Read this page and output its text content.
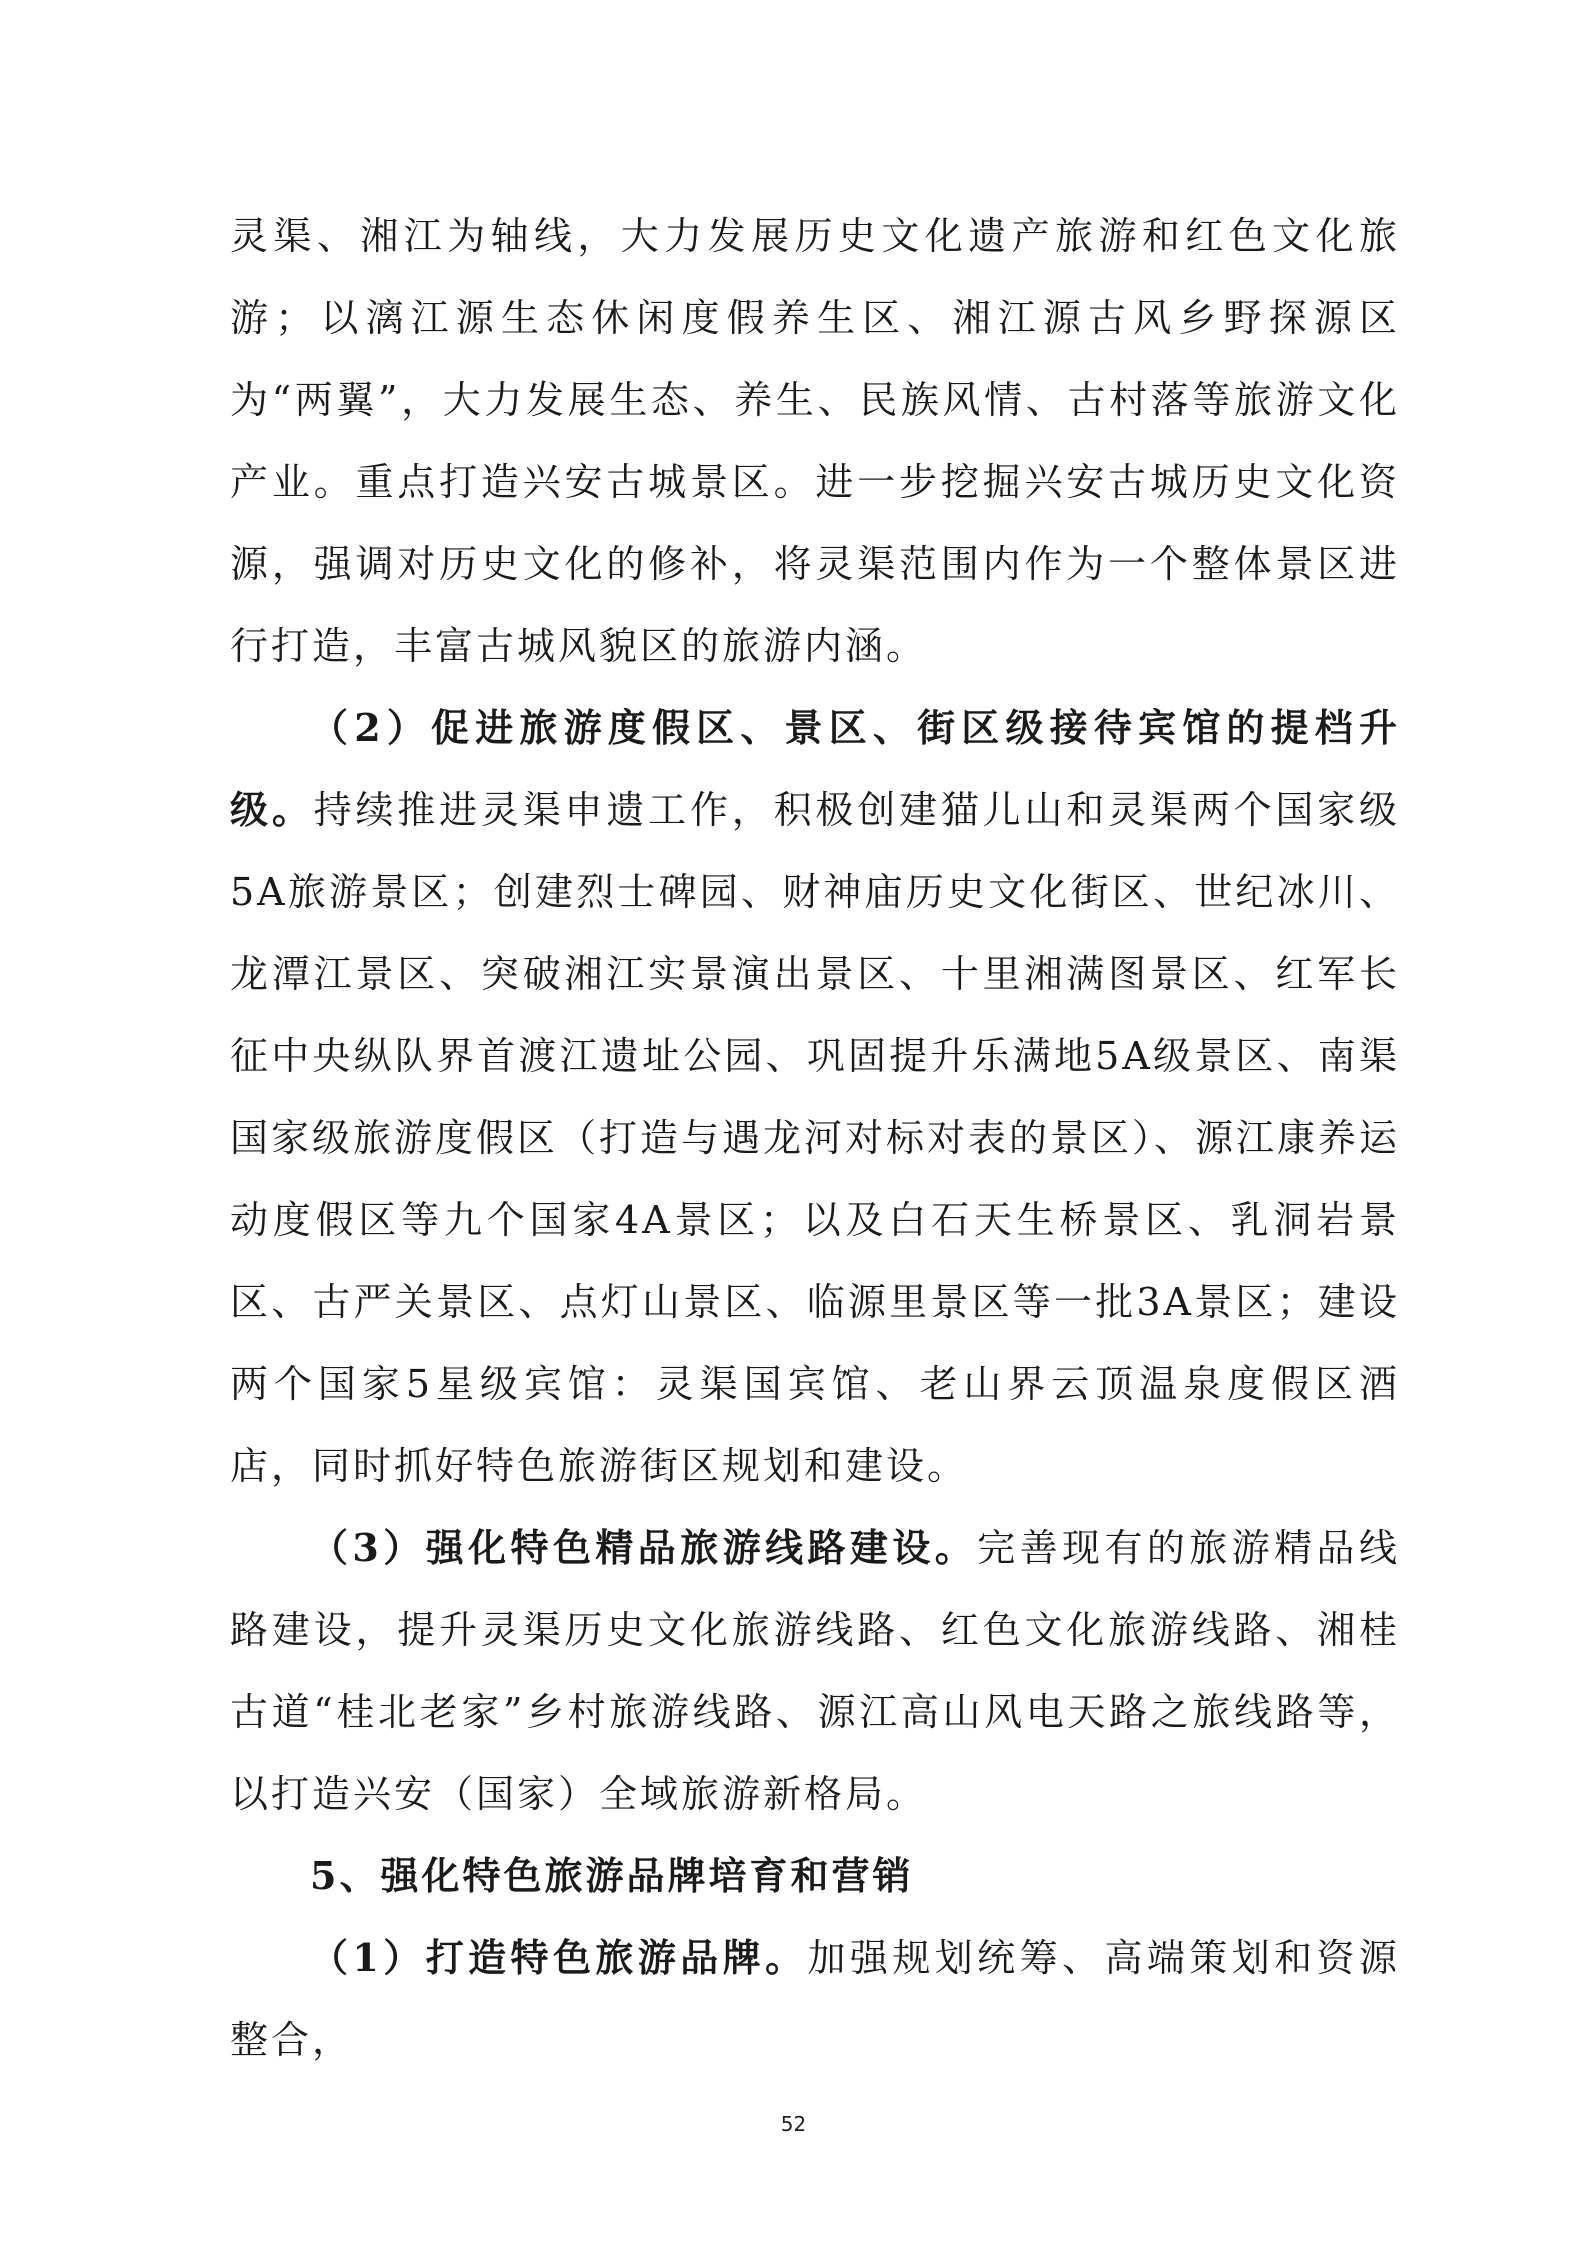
灵渠、湘江为轴线，大力发展历史文化遗产旅游和红色文化旅游；以漓江源生态休闲度假养生区、湘江源古风乡野探源区为“两翼”，大力发展生态、养生、民族风情、古村落等旅游文化产业。重点打造兴安古城景区。进一步挖掘兴安古城历史文化资源，强调对历史文化的修补，将灵渠范围内作为一个整体景区进行打造，丰富古城风貌区的旅游内涵。

（2）促进旅游度假区、景区、街区级接待宾馆的提档升级。持续推进灵渠申遗工作，积极创建猫儿山和灵渠两个国家级5A旅游景区；创建烈士碑园、财神庙历史文化街区、世纪冰川、龙潭江景区、突破湘江实景演出景区、十里湘满图景区、红军长征中央纵队界首渡江遗址公园、巩固提升乐满地5A级景区、南渠国家级旅游度假区（打造与遇龙河对标对表的景区）、源江康养运动度假区等九个国家4A景区；以及白石天生桥景区、乳洞岩景区、古严关景区、点灯山景区、临源里景区等一批3A景区；建设两个国家5星级宾馆：灵渠国宾馆、老山界云顶温泉度假区酒店，同时抓好特色旅游街区规划和建设。

（3）强化特色精品旅游线路建设。完善现有的旅游精品线路建设，提升灵渠历史文化旅游线路、红色文化旅游线路、湘桂古道“桂北老家”乡村旅游线路、源江高山风电天路之旅线路等，以打造兴安（国家）全域旅游新格局。

5、强化特色旅游品牌培育和营销

（1）打造特色旅游品牌。加强规划统筹、高端策划和资源整合，

52
